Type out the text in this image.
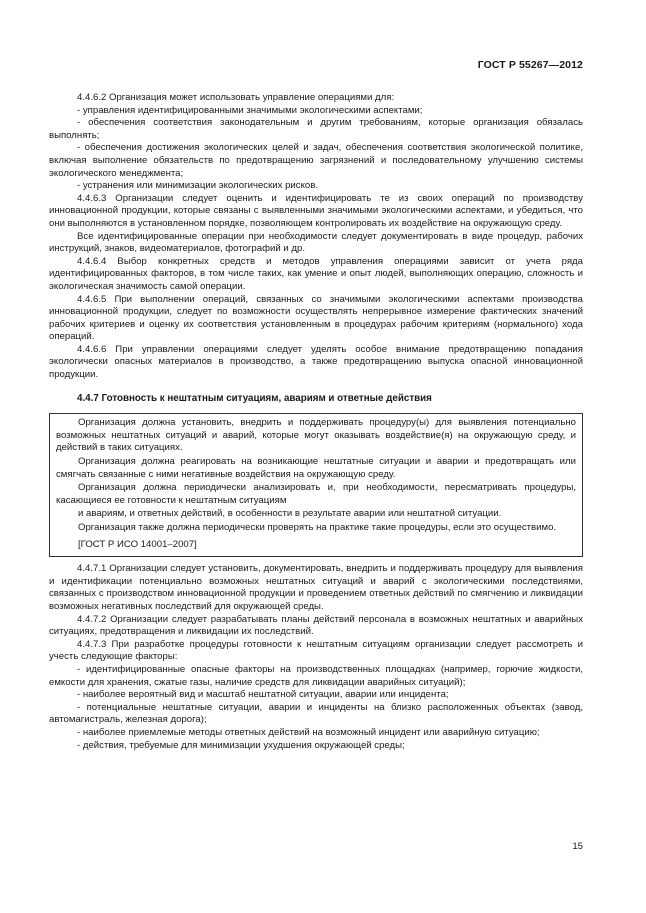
ГОСТ Р 55267—2012

4.4.6.2 Организация может использовать управление операциями для:

- управления идентифицированными значимыми экологическими аспектами;

- обеспечения соответствия законодательным и другим требованиям, которые организация обязалась выполнять;

- обеспечения достижения экологических целей и задач, обеспечения соответствия экологической политике, включая выполнение обязательств по предотвращению загрязнений и последовательному улучшению системы экологического менеджмента;

- устранения или минимизации экологических рисков.

4.4.6.3 Организации следует оценить и идентифицировать те из своих операций по производству инновационной продукции, которые связаны с выявленными значимыми экологическими аспектами, и убедиться, что они выполняются в установленном порядке, позволяющем контролировать их воздействие на окружающую среду.

Все идентифицированные операции при необходимости следует документировать в виде процедур, рабочих инструкций, знаков, видеоматериалов, фотографий и др.

4.4.6.4 Выбор конкретных средств и методов управления операциями зависит от учета ряда идентифицированных факторов, в том числе таких, как умение и опыт людей, выполняющих операцию, сложность и экологическая значимость самой операции.

4.4.6.5 При выполнении операций, связанных со значимыми экологическими аспектами производства инновационной продукции, следует по возможности осуществлять непрерывное измерение фактических значений рабочих критериев и оценку их соответствия установленным в процедурах рабочим критериям (нормального) хода операций.

4.4.6.6 При управлении операциями следует уделять особое внимание предотвращению попадания экологически опасных материалов в производство, а также предотвращению выпуска опасной инновационной продукции.

4.4.7 Готовность к нештатным ситуациям, авариям и ответные действия

Организация должна установить, внедрить и поддерживать процедуру(ы) для выявления потенциально возможных нештатных ситуаций и аварий, которые могут оказывать воздействие(я) на окружающую среду, и действий в таких ситуациях.

Организация должна реагировать на возникающие нештатные ситуации и аварии и предотвращать или смягчать связанные с ними негативные воздействия на окружающую среду.

Организация должна периодически анализировать и, при необходимости, пересматривать процедуры, касающиеся ее готовности к нештатным ситуациям

и авариям, и ответных действий, в особенности в результате аварии или нештатной ситуации.

Организация также должна периодически проверять на практике такие процедуры, если это осуществимо.

[ГОСТ Р ИСО 14001–2007]

4.4.7.1 Организации следует установить, документировать, внедрить и поддерживать процедуру для выявления и идентификации потенциально возможных нештатных ситуаций и аварий с экологическими последствиями, связанных с производством инновационной продукции и проведением ответных действий по смягчению и ликвидации возможных негативных последствий для окружающей среды.

4.4.7.2 Организации следует разрабатывать планы действий персонала в возможных нештатных и аварийных ситуациях, предотвращения и ликвидации их последствий.

4.4.7.3 При разработке процедуры готовности к нештатным ситуациям организации следует рассмотреть и учесть следующие факторы:

- идентифицированные опасные факторы на производственных площадках (например, горючие жидкости, емкости для хранения, сжатые газы, наличие средств для ликвидации аварийных ситуаций);

- наиболее вероятный вид и масштаб нештатной ситуации, аварии или инцидента;

- потенциальные нештатные ситуации, аварии и инциденты на близко расположенных объектах (завод, автомагистраль, железная дорога);

- наиболее приемлемые методы ответных действий на возможный инцидент или аварийную ситуацию;

- действия, требуемые для минимизации ухудшения окружающей среды;

15
